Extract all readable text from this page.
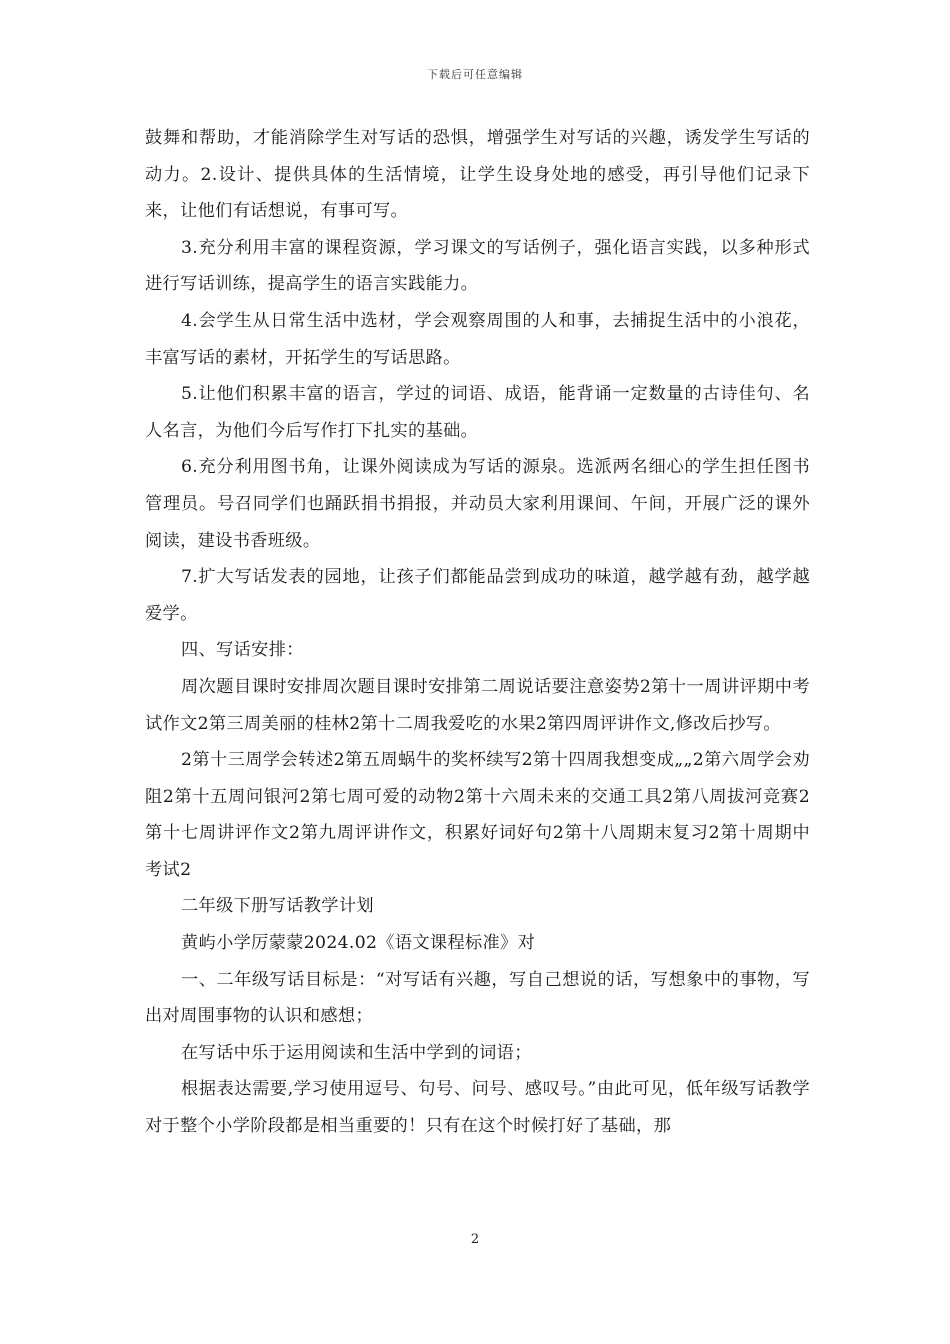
下载后可任意编辑

鼓舞和帮助，才能消除学生对写话的恐惧，增强学生对写话的兴趣，诱发学生写话的动力。2.设计、提供具体的生活情境，让学生设身处地的感受，再引导他们记录下来，让他们有话想说，有事可写。

3.充分利用丰富的课程资源，学习课文的写话例子，强化语言实践，以多种形式进行写话训练，提高学生的语言实践能力。

4.会学生从日常生活中选材，学会观察周围的人和事，去捕捉生活中的小浪花，丰富写话的素材，开拓学生的写话思路。

5.让他们积累丰富的语言，学过的词语、成语，能背诵一定数量的古诗佳句、名人名言，为他们今后写作打下扎实的基础。

6.充分利用图书角，让课外阅读成为写话的源泉。选派两名细心的学生担任图书管理员。号召同学们也踊跃捐书捐报，并动员大家利用课间、午间，开展广泛的课外阅读，建设书香班级。

7.扩大写话发表的园地，让孩子们都能品尝到成功的味道，越学越有劲，越学越爱学。

四、写话安排：

周次题目课时安排周次题目课时安排第二周说话要注意姿势2第十一周讲评期中考试作文2第三周美丽的桂林2第十二周我爱吃的水果2第四周评讲作文,修改后抄写。

2第十三周学会转述2第五周蜗牛的奖杯续写2第十四周我想变成„„2第六周学会劝阻2第十五周问银河2第七周可爱的动物2第十六周未来的交通工具2第八周拔河竞赛2第十七周讲评作文2第九周评讲作文，积累好词好句2第十八周期末复习2第十周期中考试2

二年级下册写话教学计划

黄屿小学厉蒙蒙2024.02《语文课程标准》对

一、二年级写话目标是：“对写话有兴趣，写自己想说的话，写想象中的事物，写出对周围事物的认识和感想；

在写话中乐于运用阅读和生活中学到的词语；

根据表达需要,学习使用逗号、句号、问号、感叹号。”由此可见，低年级写话教学对于整个小学阶段都是相当重要的！只有在这个时候打好了基础，那

2
